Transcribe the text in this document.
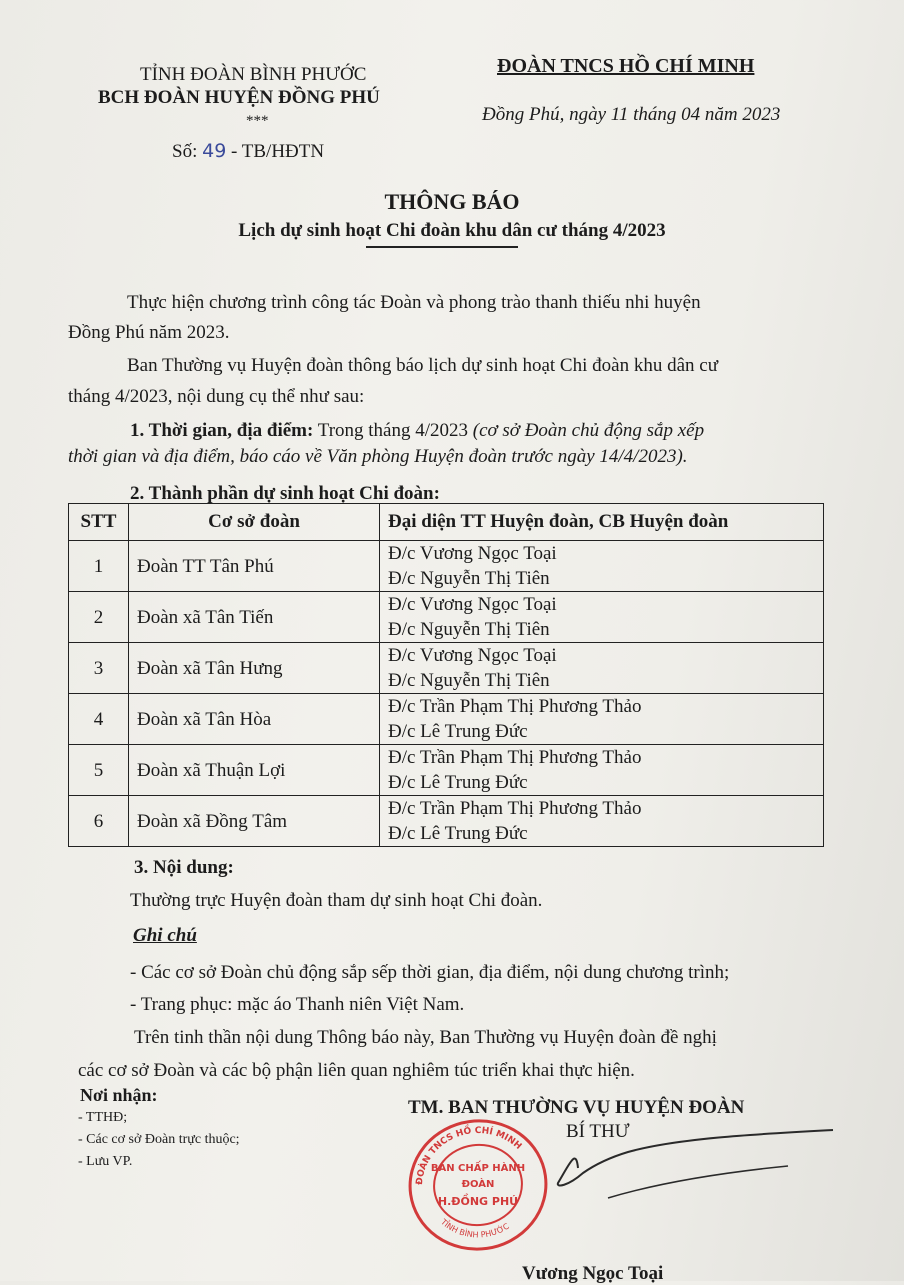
TỈNH ĐOÀN BÌNH PHƯỚC
BCH ĐOÀN HUYỆN ĐỒNG PHÚ
***
Số: 49 - TB/HĐTN
ĐOÀN TNCS HỒ CHÍ MINH
Đồng Phú, ngày 11 tháng 04 năm 2023
THÔNG BÁO
Lịch dự sinh hoạt Chi đoàn khu dân cư tháng 4/2023
Thực hiện chương trình công tác Đoàn và phong trào thanh thiếu nhi huyện
Đồng Phú năm 2023.
Ban Thường vụ Huyện đoàn thông báo lịch dự sinh hoạt Chi đoàn khu dân cư
tháng 4/2023, nội dung cụ thể như sau:
1. Thời gian, địa điểm: Trong tháng 4/2023 (cơ sở Đoàn chủ động sắp xếp
thời gian và địa điểm, báo cáo về Văn phòng Huyện đoàn trước ngày 14/4/2023).
2. Thành phần dự sinh hoạt Chi đoàn:
STT	Cơ sở đoàn	Đại diện TT Huyện đoàn, CB Huyện đoàn
1	Đoàn TT Tân Phú	Đ/c Vương Ngọc Toại
Đ/c Nguyễn Thị Tiên

2	Đoàn xã Tân Tiến	Đ/c Vương Ngọc Toại
Đ/c Nguyễn Thị Tiên

3	Đoàn xã Tân Hưng	Đ/c Vương Ngọc Toại
Đ/c Nguyễn Thị Tiên

4	Đoàn xã Tân Hòa	Đ/c Trần Phạm Thị Phương Thảo
Đ/c Lê Trung Đức

5	Đoàn xã Thuận Lợi	Đ/c Trần Phạm Thị Phương Thảo
Đ/c Lê Trung Đức

6	Đoàn xã Đồng Tâm	Đ/c Trần Phạm Thị Phương Thảo
Đ/c Lê Trung Đức
3. Nội dung:
Thường trực Huyện đoàn tham dự sinh hoạt Chi đoàn.
Ghi chú
- Các cơ sở Đoàn chủ động sắp sếp thời gian, địa điểm, nội dung chương trình;
- Trang phục: mặc áo Thanh niên Việt Nam.
Trên tinh thần nội dung Thông báo này, Ban Thường vụ Huyện đoàn đề nghị
các cơ sở Đoàn và các bộ phận liên quan nghiêm túc triển khai thực hiện.
Nơi nhận:
- TTHĐ;
- Các cơ sở Đoàn trực thuộc;
- Lưu VP.
TM. BAN THƯỜNG VỤ HUYỆN ĐOÀN
BÍ THƯ
ĐOÀN TNCS HỒ CHÍ MINH
TỈNH BÌNH PHƯỚC
BAN CHẤP HÀNH
ĐOÀN
H.ĐỒNG PHÚ
Vương Ngọc Toại
